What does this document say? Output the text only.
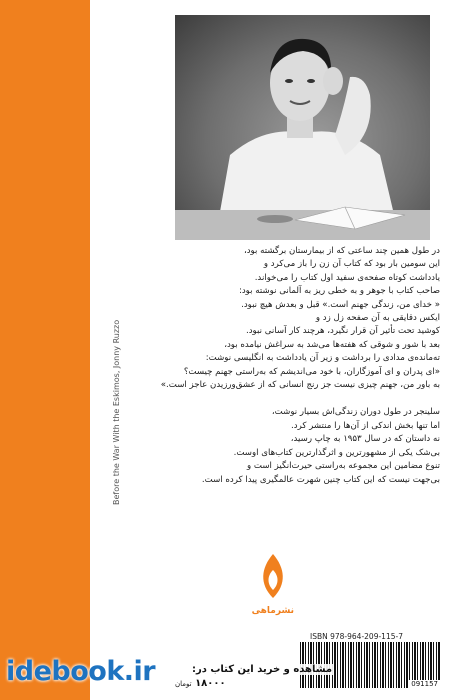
Before the War With the Eskimos, Jonny Ruzzo

در طول همین چند ساعتی که از بیمارستان برگشته بود،
این سومین بار بود که کتاب آن زن را باز می‌کرد و
یادداشت کوتاه صفحه‌ی سفید اول کتاب را می‌خواند.
صاحب کتاب با جوهر و به خطی ریز به آلمانی نوشته بود:
« خدای من، زندگی جهنم است.» قبل و بعدش هیچ نبود.
ایکس دقایقی به آن صفحه زل زد و
کوشید تحت تأثیر آن قرار نگیرد، هرچند کار آسانی نبود.
بعد با شور و شوقی که هفته‌ها می‌شد به سراغش نیامده بود،
ته‌مانده‌ی مدادی را برداشت و زیر آن یادداشت به انگلیسی نوشت:
«ای پدران و ای آموزگاران، با خود می‌اندیشم که به‌راستی جهنم چیست؟
به باور من، جهنم چیزی نیست جز رنج انسانی که از عشق‌ورزیدن عاجز است.»

سلینجر در طول دوران زندگی‌اش بسیار نوشت،
اما تنها بخش اندکی از آن‌ها را منتشر کرد.
نه داستان که در سال ۱۹۵۳ به چاپ رسید،
بی‌شک یکی از مشهورترین و اثرگذارترین کتاب‌های اوست.
تنوع مضامین این مجموعه به‌راستی حیرت‌انگیز است و
بی‌جهت نیست که این کتاب چنین شهرت عالمگیری پیدا کرده است.

نشرماهی
ISBN 978-964-209-115-7
091157
idebook.ir	مشاهده و خرید این کتاب در:
۱۸۰۰۰ تومان
